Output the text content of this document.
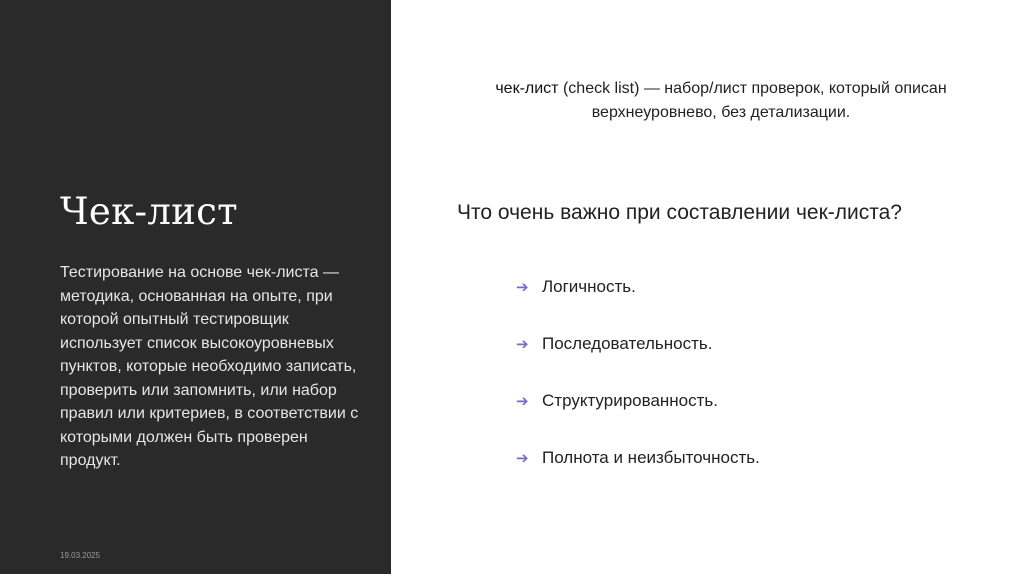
Чек-лист

Тестирование на основе чек-листа — методика, основанная на опыте, при которой опытный тестировщик использует список высокоуровневых пунктов, которые необходимо записать, проверить или запомнить, или набор правил или критериев, в соответствии с которыми должен быть проверен продукт.

19.03.2025

чек-лист (check list) — набор/лист проверок, который описан верхнеуровнево, без детализации.

Что очень важно при составлении чек-листа?

➔ Логичность.
➔ Последовательность.
➔ Структурированность.
➔ Полнота и неизбыточность.
